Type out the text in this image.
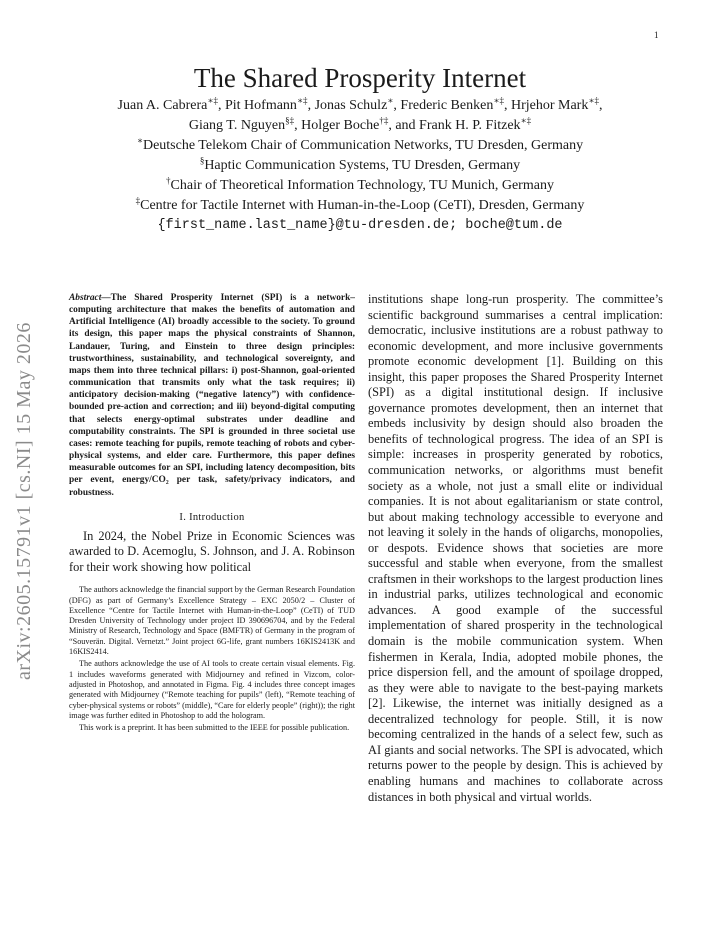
1
arXiv:2605.15791v1 [cs.NI] 15 May 2026
The Shared Prosperity Internet
Juan A. Cabrera∗‡, Pit Hofmann∗‡, Jonas Schulz∗, Frederic Benken∗‡, Hrjehor Mark∗‡,
Giang T. Nguyen§‡, Holger Boche†‡, and Frank H. P. Fitzek∗‡
∗Deutsche Telekom Chair of Communication Networks, TU Dresden, Germany
§Haptic Communication Systems, TU Dresden, Germany
†Chair of Theoretical Information Technology, TU Munich, Germany
‡Centre for Tactile Internet with Human-in-the-Loop (CeTI), Dresden, Germany
{first_name.last_name}@tu-dresden.de; boche@tum.de

Abstract—The Shared Prosperity Internet (SPI) is a network–computing architecture that makes the benefits of automation and Artificial Intelligence (AI) broadly accessible to the society. To ground its design, this paper maps the physical constraints of Shannon, Landauer, Turing, and Einstein to three design principles: trustworthiness, sustainability, and technological sovereignty, and maps them into three technical pillars: i) post-Shannon, goal-oriented communication that transmits only what the task requires; ii) anticipatory decision-making (“negative latency”) with confidence-bounded pre-action and correction; and iii) beyond-digital computing that selects energy-optimal substrates under deadline and computability constraints. The SPI is grounded in three societal use cases: remote teaching for pupils, remote teaching of robots and cyber-physical systems, and elder care. Furthermore, this paper defines measurable outcomes for an SPI, including latency decomposition, bits per event, energy/CO₂ per task, safety/privacy indicators, and robustness.

I. Introduction

In 2024, the Nobel Prize in Economic Sciences was awarded to D. Acemoglu, S. Johnson, and J. A. Robinson for their work showing how political

The authors acknowledge the financial support by the German Research Foundation (DFG) as part of Germany’s Excellence Strategy – EXC 2050/2 – Cluster of Excellence “Centre for Tactile Internet with Human-in-the-Loop” (CeTI) of TUD Dresden University of Technology under project ID 390696704, and by the Federal Ministry of Research, Technology and Space (BMFTR) of Germany in the program of “Souverän. Digital. Vernetzt.” Joint project 6G-life, grant numbers 16KIS2413K and 16KIS2414.

The authors acknowledge the use of AI tools to create certain visual elements. Fig. 1 includes waveforms generated with Midjourney and refined in Vizcom, color-adjusted in Photoshop, and annotated in Figma. Fig. 4 includes three concept images generated with Midjourney (“Remote teaching for pupils” (left), “Remote teaching of cyber-physical systems or robots” (middle), “Care for elderly people” (right)); the right image was further edited in Photoshop to add the hologram.

This work is a preprint. It has been submitted to the IEEE for possible publication.

institutions shape long-run prosperity. The committee’s scientific background summarises a central implication: democratic, inclusive institutions are a robust pathway to economic development, and more inclusive governments promote economic development [1]. Building on this insight, this paper proposes the Shared Prosperity Internet (SPI) as a digital institutional design. If inclusive governance promotes development, then an internet that embeds inclusivity by design should also broaden the benefits of technological progress. The idea of an SPI is simple: increases in prosperity generated by robotics, communication networks, or algorithms must benefit society as a whole, not just a small elite or individual companies. It is not about egalitarianism or state control, but about making technology accessible to everyone and not leaving it solely in the hands of oligarchs, monopolies, or despots. Evidence shows that societies are more successful and stable when everyone, from the smallest craftsmen in their workshops to the largest production lines in industrial parks, utilizes technological and economic advances. A good example of the successful implementation of shared prosperity in the technological domain is the mobile communication system. When fishermen in Kerala, India, adopted mobile phones, the price dispersion fell, and the amount of spoilage dropped, as they were able to navigate to the best-paying markets [2]. Likewise, the internet was initially designed as a decentralized technology for people. Still, it is now becoming centralized in the hands of a select few, such as AI giants and social networks. The SPI is advocated, which returns power to the people by design. This is achieved by enabling humans and machines to collaborate across distances in both physical and virtual worlds.
